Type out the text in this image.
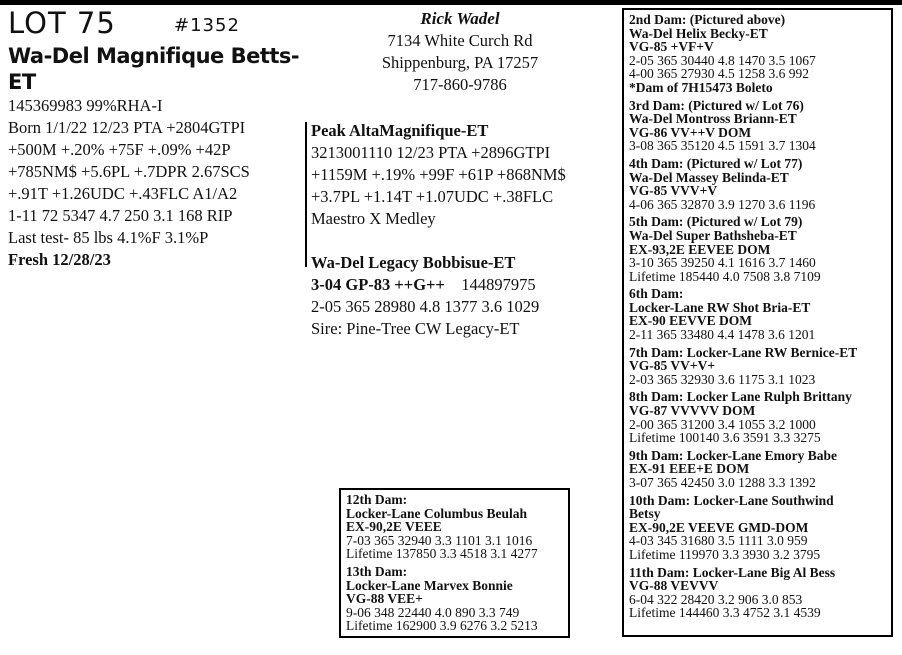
LOT 75	#1352
Wa-Del Magnifique Betts-ET
145369983 99%RHA-I
Born 1/1/22 12/23 PTA +2804GTPI
+500M +.20% +75F +.09% +42P
+785NM$ +5.6PL +.7DPR 2.67SCS
+.91T +1.26UDC +.43FLC A1/A2
1-11 72 5347 4.7 250 3.1 168 RIP
Last test- 85 lbs 4.1%F 3.1%P
Fresh 12/28/23
Rick Wadel
7134 White Curch Rd
Shippenburg, PA 17257
717-860-9786
Peak AltaMagnifique-ET
3213001110 12/23 PTA +2896GTPI
+1159M +.19% +99F +61P +868NM$
+3.7PL +1.14T +1.07UDC +.38FLC
Maestro X Medley
Wa-Del Legacy Bobbisue-ET
3-04 GP-83 ++G++ 144897975
2-05 365 28980 4.8 1377 3.6 1029
Sire: Pine-Tree CW Legacy-ET
2nd Dam: (Pictured above)
Wa-Del Helix Becky-ET
VG-85 +VF+V
2-05 365 30440 4.8 1470 3.5 1067
4-00 365 27930 4.5 1258 3.6 992
*Dam of 7H15473 Boleto
3rd Dam: (Pictured w/ Lot 76)
Wa-Del Montross Briann-ET
VG-86 VV++V DOM
3-08 365 35120 4.5 1591 3.7 1304
4th Dam: (Pictured w/ Lot 77)
Wa-Del Massey Belinda-ET
VG-85 VVV+V
4-06 365 32870 3.9 1270 3.6 1196
5th Dam: (Pictured w/ Lot 79)
Wa-Del Super Bathsheba-ET
EX-93,2E EEVEE DOM
3-10 365 39250 4.1 1616 3.7 1460
Lifetime 185440 4.0 7508 3.8 7109
6th Dam:
Locker-Lane RW Shot Bria-ET
EX-90 EEVVE DOM
2-11 365 33480 4.4 1478 3.6 1201
7th Dam: Locker-Lane RW Bernice-ET
VG-85 VV+V+
2-03 365 32930 3.6 1175 3.1 1023
8th Dam: Locker Lane Rulph Brittany
VG-87 VVVVV DOM
2-00 365 31200 3.4 1055 3.2 1000
Lifetime 100140 3.6 3591 3.3 3275
9th Dam: Locker-Lane Emory Babe
EX-91 EEE+E DOM
3-07 365 42450 3.0 1288 3.3 1392
10th Dam: Locker-Lane Southwind
Betsy
EX-90,2E VEEVE GMD-DOM
4-03 345 31680 3.5 1111 3.0 959
Lifetime 119970 3.3 3930 3.2 3795
11th Dam: Locker-Lane Big Al Bess
VG-88 VEVVV
6-04 322 28420 3.2 906 3.0 853
Lifetime 144460 3.3 4752 3.1 4539
12th Dam:
Locker-Lane Columbus Beulah
EX-90,2E VEEE
7-03 365 32940 3.3 1101 3.1 1016
Lifetime 137850 3.3 4518 3.1 4277
13th Dam:
Locker-Lane Marvex Bonnie
VG-88 VEE+
9-06 348 22440 4.0 890 3.3 749
Lifetime 162900 3.9 6276 3.2 5213
